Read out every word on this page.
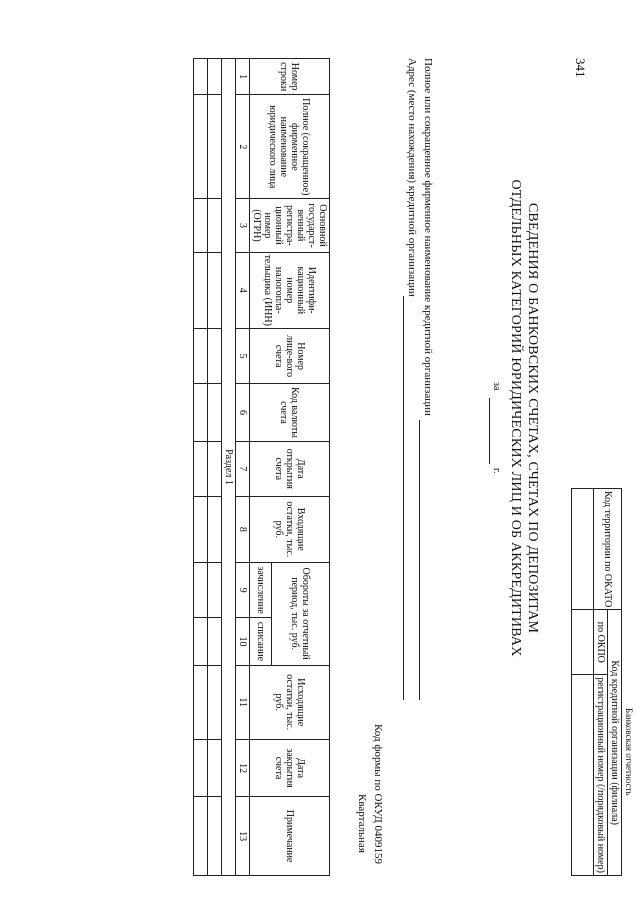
341
Банковская отчетность
Код территории по ОКАТО	Код кредитной организации (филиала)	
	по ОКПО	регистрационный номер (/порядковый номер)

СВЕДЕНИЯ О БАНКОВСКИХ СЧЕТАХ, СЧЕТАХ ПО ДЕПОЗИТАМ
ОТДЕЛЬНЫХ КАТЕГОРИЙ ЮРИДИЧЕСКИХ ЛИЦ И ОБ АККРЕДИТИВАХ
за
г.
Полное или сокращенное фирменное наименование кредитной организации
Адрес (место нахождения) кредитной организации
Код формы по ОКУД 0409159
Квартальная
Номер строки	Полное (сокращенное) фирменное наименование юридического лица	Основной государст-венный регистра-ционный номер (ОГРН)	Идентифи-кационный номер налогопла-тельщика (ИНН)	Номер лице-вого счета	Код валюты счета	Дата открытия счета	Входящие остатки, тыс. руб.	Обороты за отчетный период, тыс. руб.		Исходящие остатки, тыс. руб.	Дата закрытия счета	Примечание
								зачисление	списание			
1	2	3	4	5	6	7	8	9	10	11	12	13
Раздел 1												
